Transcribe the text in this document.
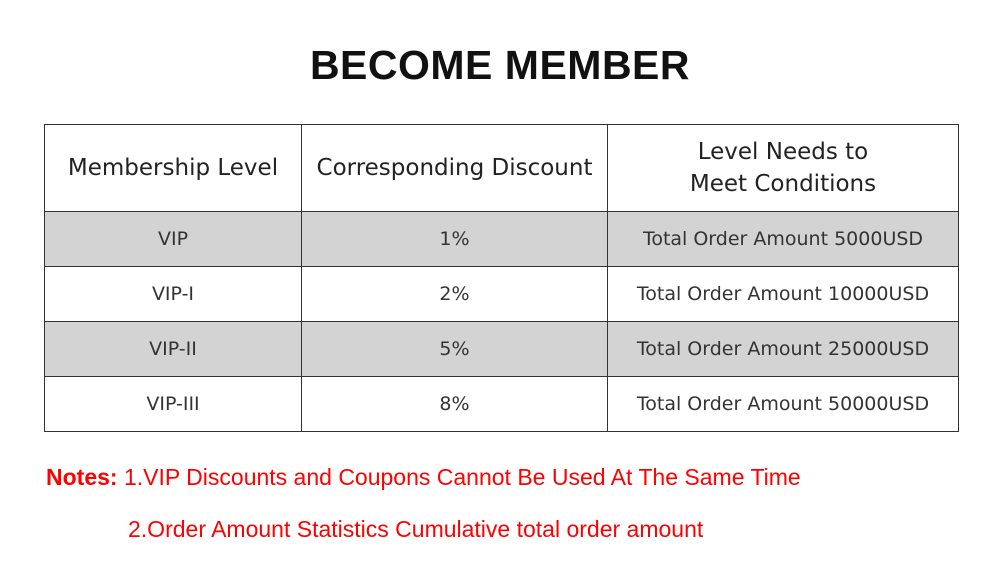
BECOME MEMBER
Membership Level	Corresponding Discount	Level Needs to Meet Conditions
VIP	1%	Total Order Amount 5000USD
VIP-I	2%	Total Order Amount 10000USD
VIP-II	5%	Total Order Amount 25000USD
VIP-III	8%	Total Order Amount 50000USD
Notes: 1.VIP Discounts and Coupons Cannot Be Used At The Same Time
2.Order Amount Statistics Cumulative total order amount
